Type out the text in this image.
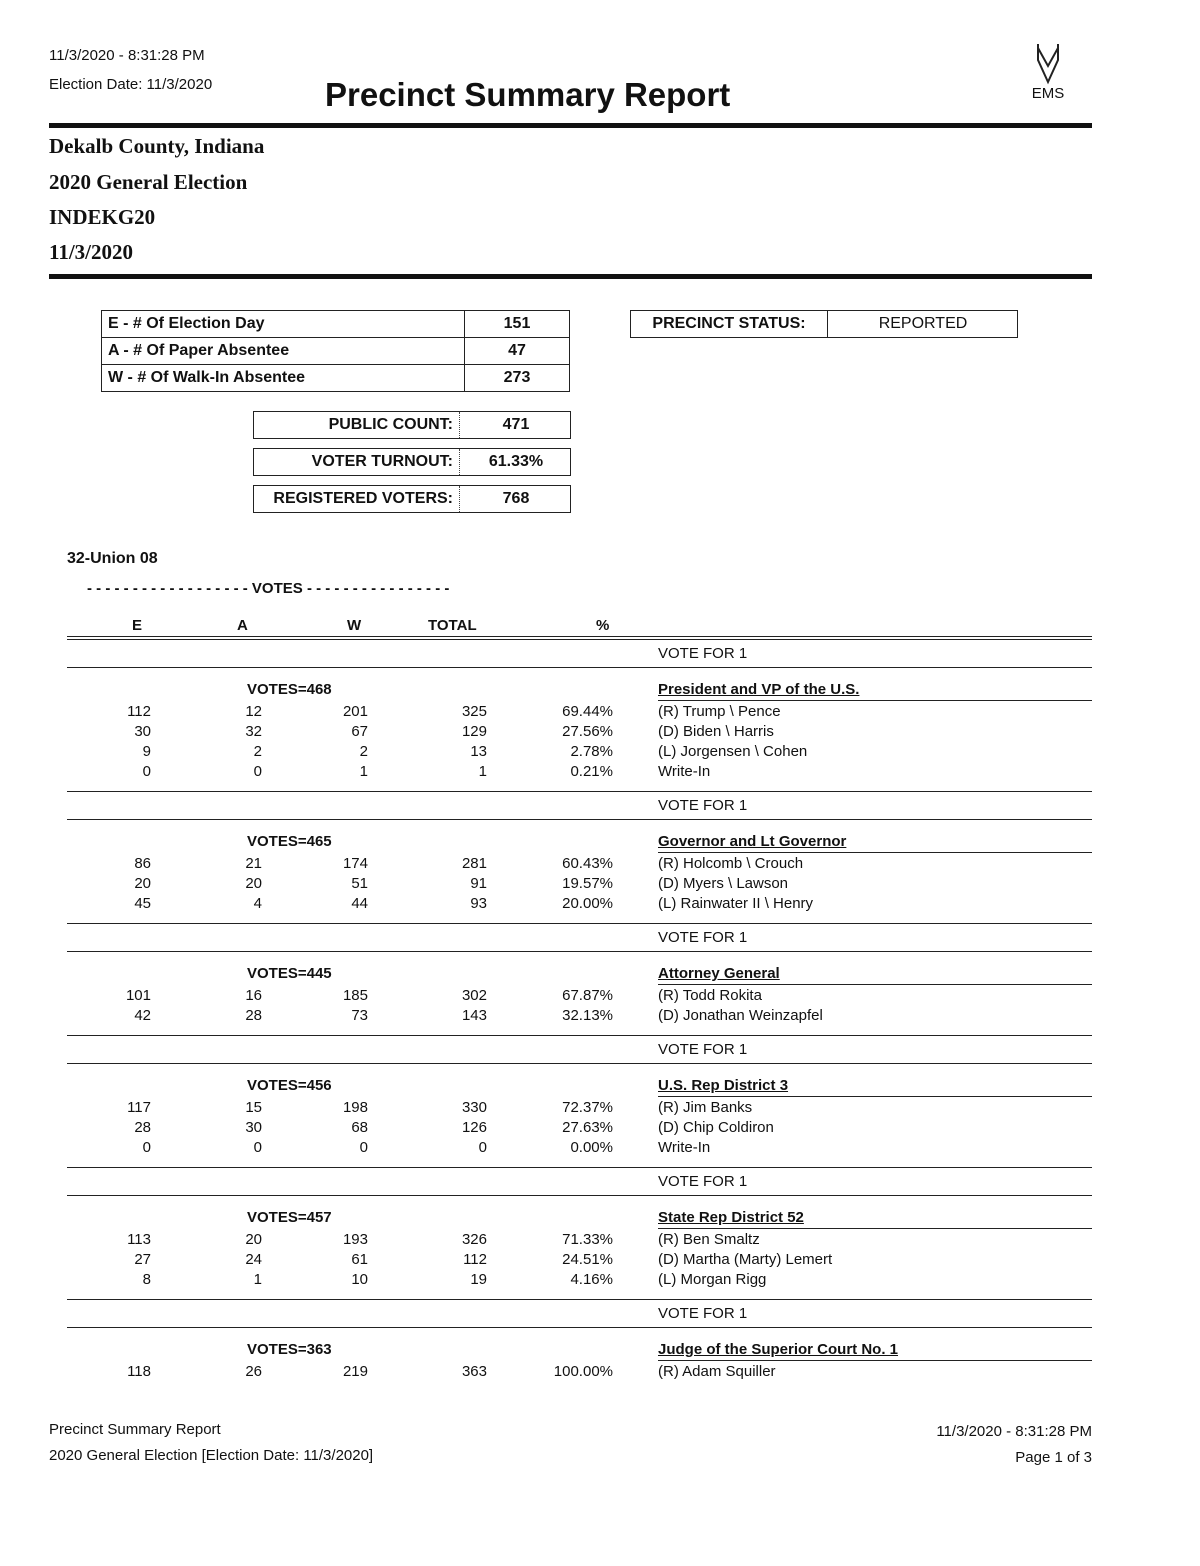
11/3/2020 - 8:31:28 PM
Election Date: 11/3/2020	Precinct Summary Report	EMS
Dekalb County, Indiana
2020 General Election
INDEKG20
11/3/2020
E - # Of Election Day	151
A - # Of Paper Absentee	47
W - # Of Walk-In Absentee	273
PRECINCT STATUS:	REPORTED
PUBLIC COUNT:	471
VOTER TURNOUT:	61.33%
REGISTERED VOTERS:	768
32-Union 08
- - - - - - - - - - - - - - - - - - VOTES - - - - - - - - - - - - - - - -
E	A	W	TOTAL	%
VOTE FOR 1
VOTES=468	President and VP of the U.S.
112	12	201	325	69.44%	(R) Trump \ Pence
30	32	67	129	27.56%	(D) Biden \ Harris
9	2	2	13	2.78%	(L) Jorgensen \ Cohen
0	0	1	1	0.21%	Write-In
VOTE FOR 1
VOTES=465	Governor and Lt Governor
86	21	174	281	60.43%	(R) Holcomb \ Crouch
20	20	51	91	19.57%	(D) Myers \ Lawson
45	4	44	93	20.00%	(L) Rainwater II \ Henry
VOTE FOR 1
VOTES=445	Attorney General
101	16	185	302	67.87%	(R) Todd Rokita
42	28	73	143	32.13%	(D) Jonathan Weinzapfel
VOTE FOR 1
VOTES=456	U.S. Rep District 3
117	15	198	330	72.37%	(R) Jim Banks
28	30	68	126	27.63%	(D) Chip Coldiron
0	0	0	0	0.00%	Write-In
VOTE FOR 1
VOTES=457	State Rep District 52
113	20	193	326	71.33%	(R) Ben Smaltz
27	24	61	112	24.51%	(D) Martha (Marty) Lemert
8	1	10	19	4.16%	(L) Morgan Rigg
VOTE FOR 1
VOTES=363	Judge of the Superior Court No. 1
118	26	219	363	100.00%	(R) Adam Squiller
Precinct Summary Report
2020 General Election [Election Date: 11/3/2020]
11/3/2020 - 8:31:28 PM
Page 1 of 3
